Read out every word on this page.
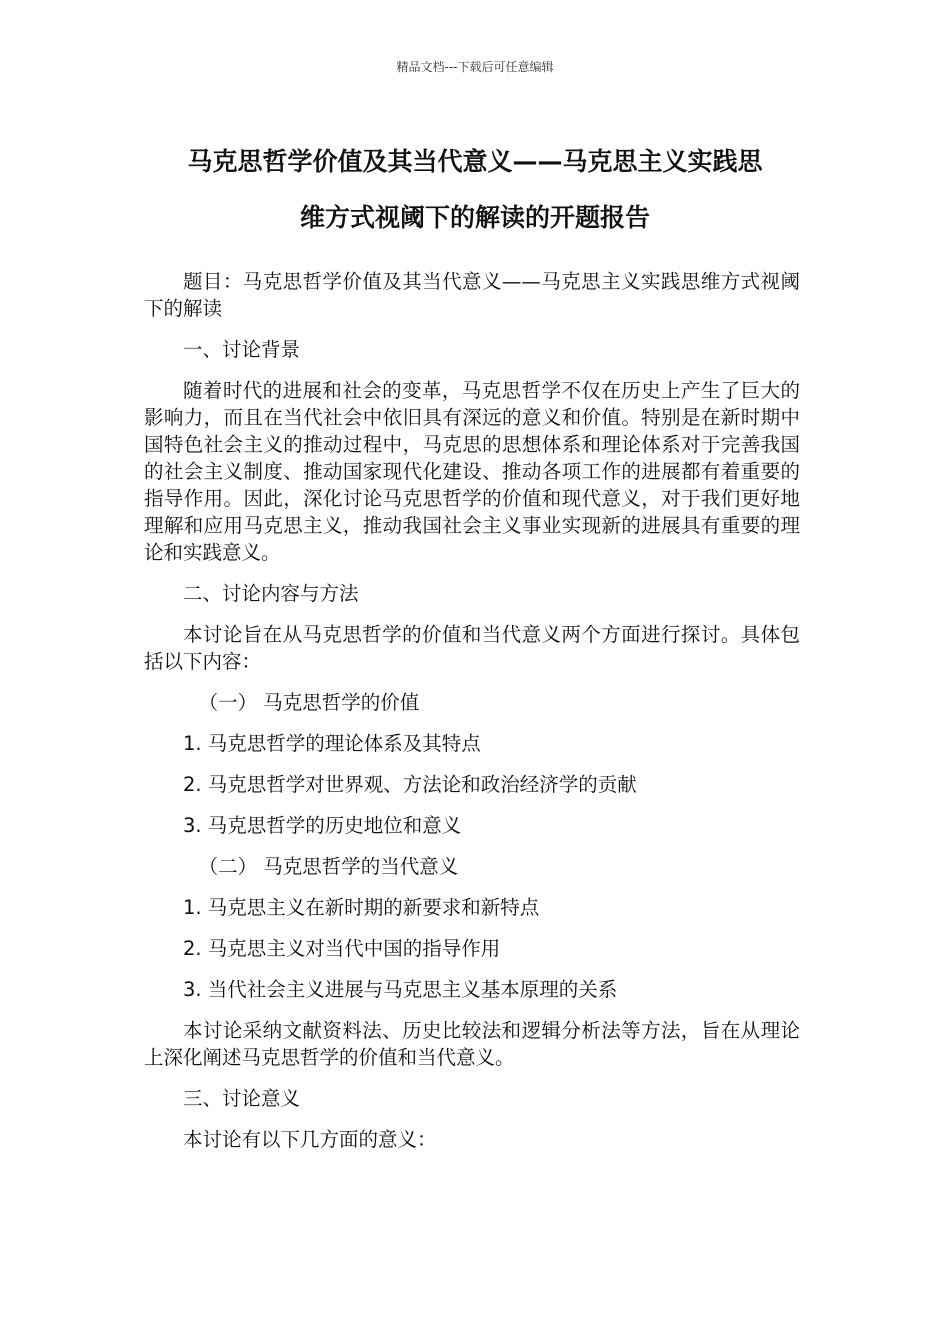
精品文档---下载后可任意编辑
马克思哲学价值及其当代意义——马克思主义实践思
维方式视阈下的解读的开题报告

题目：马克思哲学价值及其当代意义——马克思主义实践思维方式视阈下的解读

一、讨论背景

随着时代的进展和社会的变革，马克思哲学不仅在历史上产生了巨大的影响力，而且在当代社会中依旧具有深远的意义和价值。特别是在新时期中国特色社会主义的推动过程中，马克思的思想体系和理论体系对于完善我国的社会主义制度、推动国家现代化建设、推动各项工作的进展都有着重要的指导作用。因此，深化讨论马克思哲学的价值和现代意义，对于我们更好地理解和应用马克思主义，推动我国社会主义事业实现新的进展具有重要的理论和实践意义。

二、讨论内容与方法

本讨论旨在从马克思哲学的价值和当代意义两个方面进行探讨。具体包括以下内容：

（一） 马克思哲学的价值

1. 马克思哲学的理论体系及其特点

2. 马克思哲学对世界观、方法论和政治经济学的贡献

3. 马克思哲学的历史地位和意义

（二） 马克思哲学的当代意义

1. 马克思主义在新时期的新要求和新特点

2. 马克思主义对当代中国的指导作用

3. 当代社会主义进展与马克思主义基本原理的关系

本讨论采纳文献资料法、历史比较法和逻辑分析法等方法，旨在从理论上深化阐述马克思哲学的价值和当代意义。

三、讨论意义

本讨论有以下几方面的意义：
